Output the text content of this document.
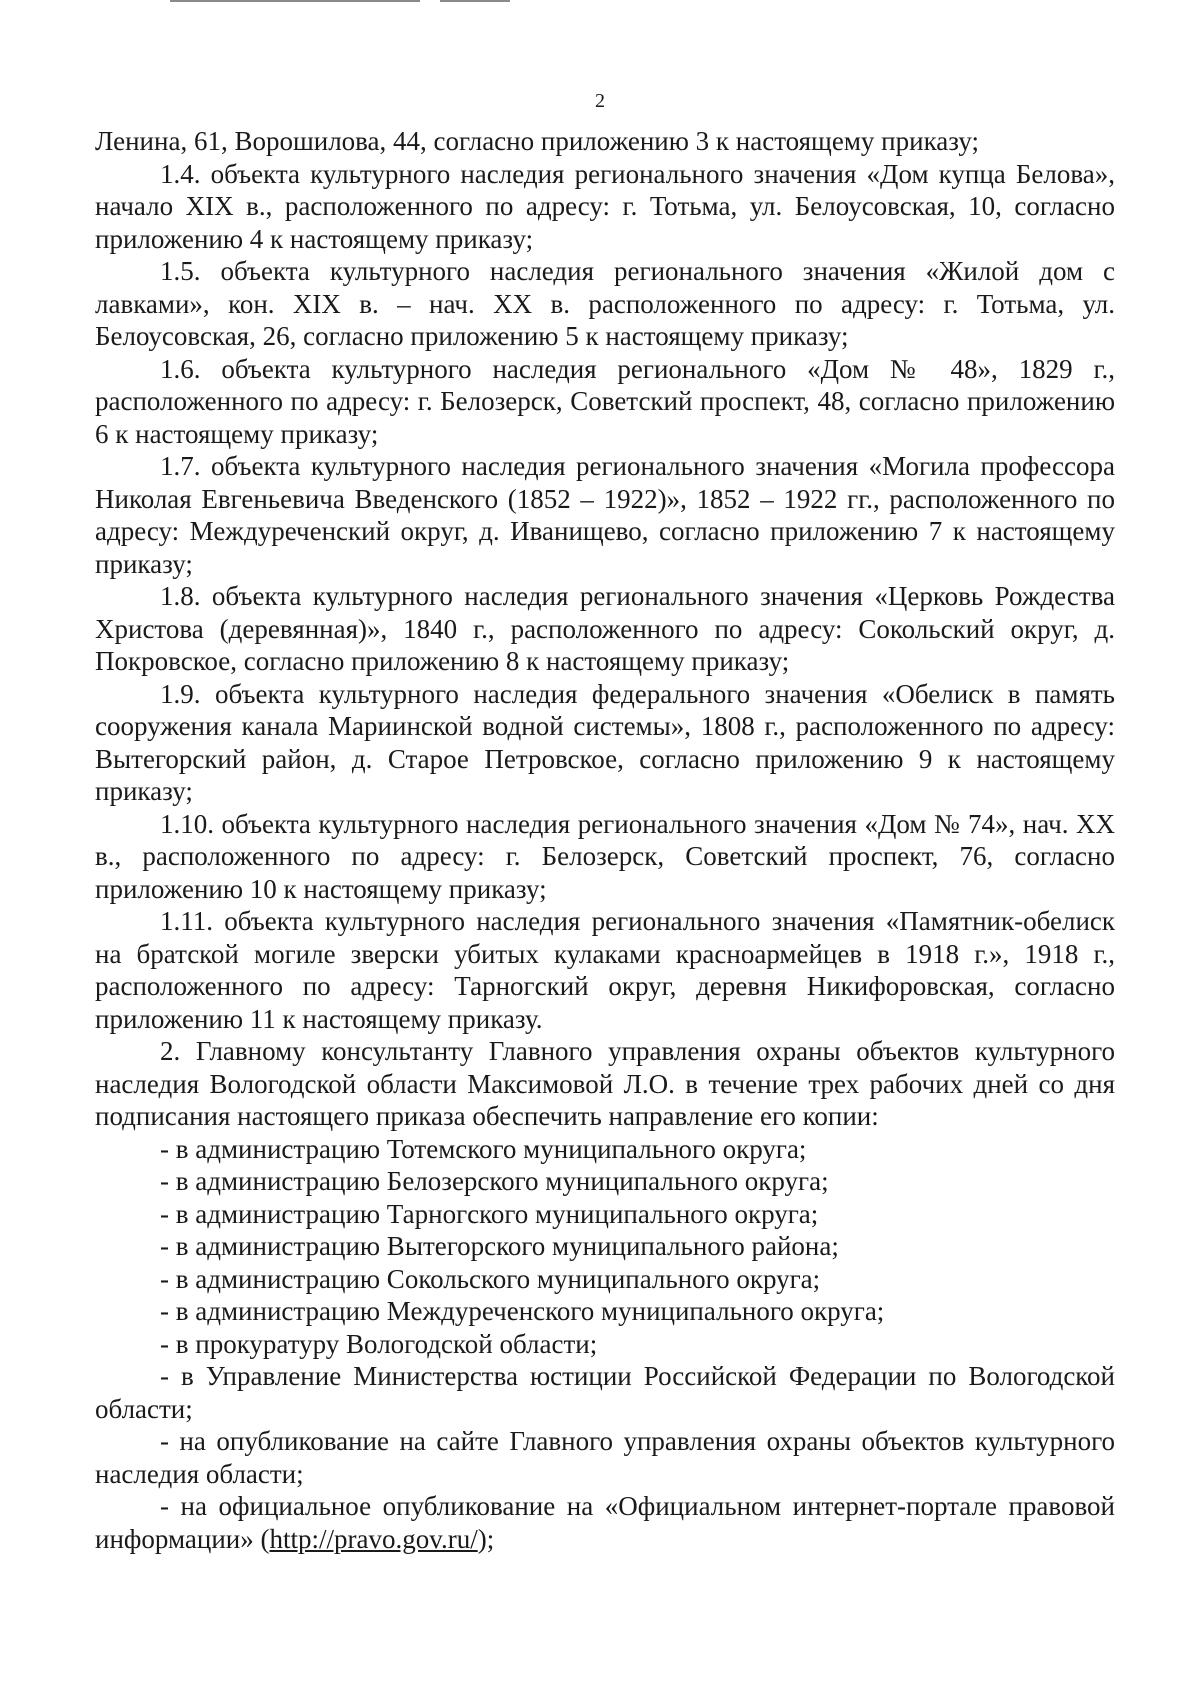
2

Ленина, 61, Ворошилова, 44, согласно приложению 3 к настоящему приказу;

1.4. объекта культурного наследия регионального значения «Дом купца Белова», начало XIX в., расположенного по адресу: г. Тотьма, ул. Белоусовская, 10, согласно приложению 4 к настоящему приказу;

1.5. объекта культурного наследия регионального значения «Жилой дом с лавками», кон. XIX в. – нач. XX в. расположенного по адресу: г. Тотьма, ул. Белоусовская, 26, согласно приложению 5 к настоящему приказу;

1.6. объекта культурного наследия регионального «Дом № 48», 1829 г., расположенного по адресу: г. Белозерск, Советский проспект, 48, согласно приложению 6 к настоящему приказу;

1.7. объекта культурного наследия регионального значения «Могила профессора Николая Евгеньевича Введенского (1852 – 1922)», 1852 – 1922 гг., расположенного по адресу: Междуреченский округ, д. Иванищево, согласно приложению 7 к настоящему приказу;

1.8. объекта культурного наследия регионального значения «Церковь Рождества Христова (деревянная)», 1840 г., расположенного по адресу: Сокольский округ, д. Покровское, согласно приложению 8 к настоящему приказу;

1.9. объекта культурного наследия федерального значения «Обелиск в память сооружения канала Мариинской водной системы», 1808 г., расположенного по адресу: Вытегорский район, д. Старое Петровское, согласно приложению 9 к настоящему приказу;

1.10. объекта культурного наследия регионального значения «Дом № 74», нач. XX в., расположенного по адресу: г. Белозерск, Советский проспект, 76, согласно приложению 10 к настоящему приказу;

1.11. объекта культурного наследия регионального значения «Памятник-обелиск на братской могиле зверски убитых кулаками красноармейцев в 1918 г.», 1918 г., расположенного по адресу: Тарногский округ, деревня Никифоровская, согласно приложению 11 к настоящему приказу.

2. Главному консультанту Главного управления охраны объектов культурного наследия Вологодской области Максимовой Л.О. в течение трех рабочих дней со дня подписания настоящего приказа обеспечить направление его копии:

- в администрацию Тотемского муниципального округа;

- в администрацию Белозерского муниципального округа;

- в администрацию Тарногского муниципального округа;

- в администрацию Вытегорского муниципального района;

- в администрацию Сокольского муниципального округа;

- в администрацию Междуреченского муниципального округа;

- в прокуратуру Вологодской области;

- в Управление Министерства юстиции Российской Федерации по Вологодской области;

- на опубликование на сайте Главного управления охраны объектов культурного наследия области;

- на официальное опубликование на «Официальном интернет-портале правовой информации» (http://pravo.gov.ru/);
